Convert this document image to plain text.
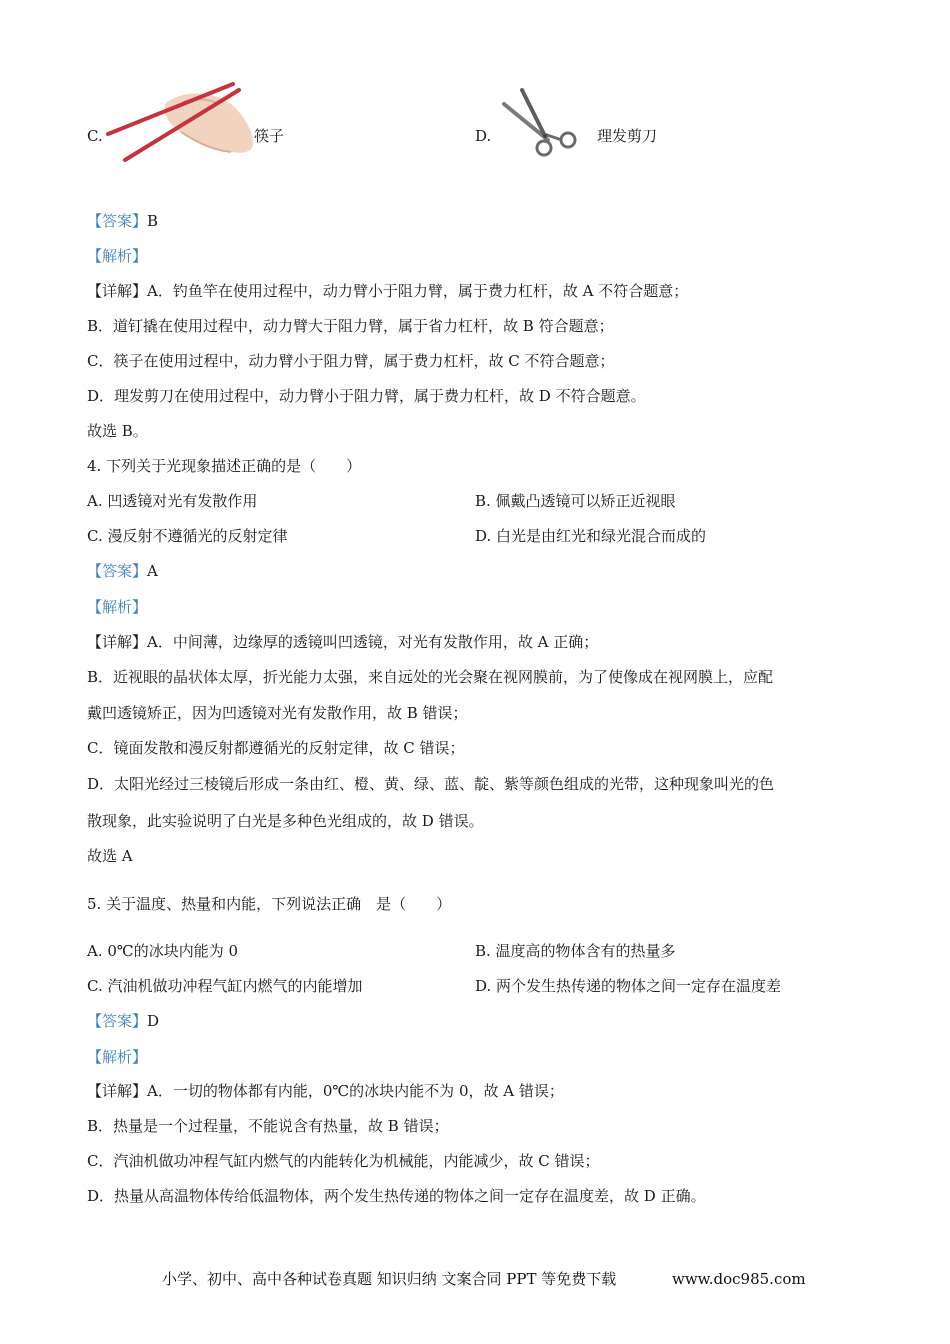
C.	筷子	D.	理发剪刀
【答案】B
【解析】
【详解】A．钓鱼竿在使用过程中，动力臂小于阻力臂，属于费力杠杆，故 A 不符合题意；
B．道钉撬在使用过程中，动力臂大于阻力臂，属于省力杠杆，故 B 符合题意；
C．筷子在使用过程中，动力臂小于阻力臂，属于费力杠杆，故 C 不符合题意；
D．理发剪刀在使用过程中，动力臂小于阻力臂，属于费力杠杆，故 D 不符合题意。
故选 B。
4. 下列关于光现象描述正确的是（　　）
A. 凹透镜对光有发散作用	B. 佩戴凸透镜可以矫正近视眼
C. 漫反射不遵循光的反射定律	D. 白光是由红光和绿光混合而成的
【答案】A
【解析】
【详解】A．中间薄，边缘厚的透镜叫凹透镜，对光有发散作用，故 A 正确；
B．近视眼的晶状体太厚，折光能力太强，来自远处的光会聚在视网膜前，为了使像成在视网膜上，应配
戴凹透镜矫正，因为凹透镜对光有发散作用，故 B 错误；
C．镜面发散和漫反射都遵循光的反射定律，故 C 错误；
D．太阳光经过三棱镜后形成一条由红、橙、黄、绿、蓝、靛、紫等颜色组成的光带，这种现象叫光的色
散现象，此实验说明了白光是多种色光组成的，故 D 错误。
故选 A
5. 关于温度、热量和内能，下列说法正确　是（　　）
A. 0℃的冰块内能为 0	B. 温度高的物体含有的热量多
C. 汽油机做功冲程气缸内燃气的内能增加	D. 两个发生热传递的物体之间一定存在温度差
【答案】D
【解析】
【详解】A．一切的物体都有内能，0℃的冰块内能不为 0，故 A 错误；
B．热量是一个过程量，不能说含有热量，故 B 错误；
C．汽油机做功冲程气缸内燃气的内能转化为机械能，内能减少，故 C 错误；
D．热量从高温物体传给低温物体，两个发生热传递的物体之间一定存在温度差，故 D 正确。
小学、初中、高中各种试卷真题 知识归纳 文案合同 PPT 等免费下载	www.doc985.com
